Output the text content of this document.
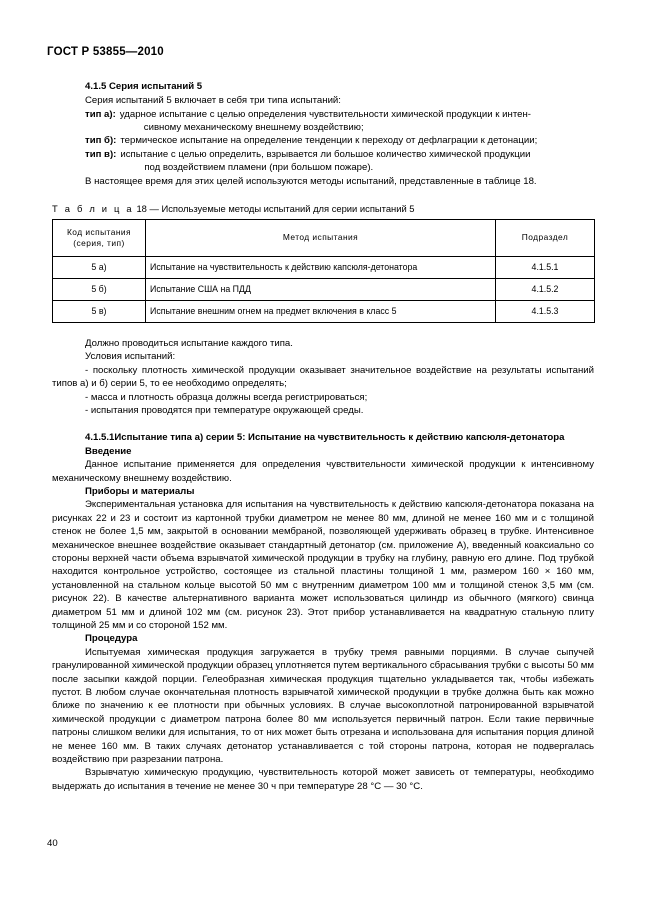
ГОСТ Р 53855—2010
4.1.5 Серия испытаний 5

Серия испытаний 5 включает в себя три типа испытаний:

тип а): ударное испытание с целью определения чувствительности химической продукции к интен-
сивному механическому внешнему воздействию;
тип б): термическое испытание на определение тенденции к переходу от дефлаграции к детонации;
тип в): испытание с целью определить, взрывается ли большое количество химической продукции
под воздействием пламени (при большом пожаре).

В настоящее время для этих целей используются методы испытаний, представленные в таблице 18.

Т а б л и ц а 18 — Используемые методы испытаний для серии испытаний 5

Код испытания
(серия, тип)	Метод испытания	Подраздел
5 а)	Испытание на чувствительность к действию капсюля-детонатора	4.1.5.1
5 б)	Испытание США на ПДД	4.1.5.2
5 в)	Испытание внешним огнем на предмет включения в класс 5	4.1.5.3

Должно проводиться испытание каждого типа.

Условия испытаний:

- поскольку плотность химической продукции оказывает значительное воздействие на результаты испытаний типов а) и б) серии 5, то ее необходимо определять;

- масса и плотность образца должны всегда регистрироваться;

- испытания проводятся при температуре окружающей среды.

4.1.5.1Испытание типа а) серии 5: Испытание на чувствительность к действию капсюля-детонатора

Введение

Данное испытание применяется для определения чувствительности химической продукции к интенсивному механическому внешнему воздействию.

Приборы и материалы

Экспериментальная установка для испытания на чувствительность к действию капсюля-детонатора показана на рисунках 22 и 23 и состоит из картонной трубки диаметром не менее 80 мм, длиной не менее 160 мм и с толщиной стенок не более 1,5 мм, закрытой в основании мембраной, позволяющей удерживать образец в трубке. Интенсивное механическое внешнее воздействие оказывает стандартный детонатор (см. приложение А), введенный коаксиально со стороны верхней части объема взрывчатой химической продукции в трубку на глубину, равную его длине. Под трубкой находится контрольное устройство, состоящее из стальной пластины толщиной 1 мм, размером 160 × 160 мм, установленной на стальном кольце высотой 50 мм с внутренним диаметром 100 мм и толщиной стенок 3,5 мм (см. рисунок 22). В качестве альтернативного варианта может использоваться цилиндр из обычного (мягкого) свинца диаметром 51 мм и длиной 102 мм (см. рисунок 23). Этот прибор устанавливается на квадратную стальную плиту толщиной 25 мм и со стороной 152 мм.

Процедура

Испытуемая химическая продукция загружается в трубку тремя равными порциями. В случае сыпучей гранулированной химической продукции образец уплотняется путем вертикального сбрасывания трубки с высоты 50 мм после засыпки каждой порции. Гелеобразная химическая продукция тщательно укладывается так, чтобы избежать пустот. В любом случае окончательная плотность взрывчатой химической продукции в трубке должна быть как можно ближе по значению к ее плотности при обычных условиях. В случае высокоплотной патронированной взрывчатой химической продукции с диаметром патрона более 80 мм используется первичный патрон. Если такие первичные патроны слишком велики для испытания, то от них может быть отрезана и использована для испытания порция длиной не менее 160 мм. В таких случаях детонатор устанавливается с той стороны патрона, которая не подвергалась воздействию при разрезании патрона.

Взрывчатую химическую продукцию, чувствительность которой может зависеть от температуры, необходимо выдержать до испытания в течение не менее 30 ч при температуре 28 °С — 30 °С.

40
